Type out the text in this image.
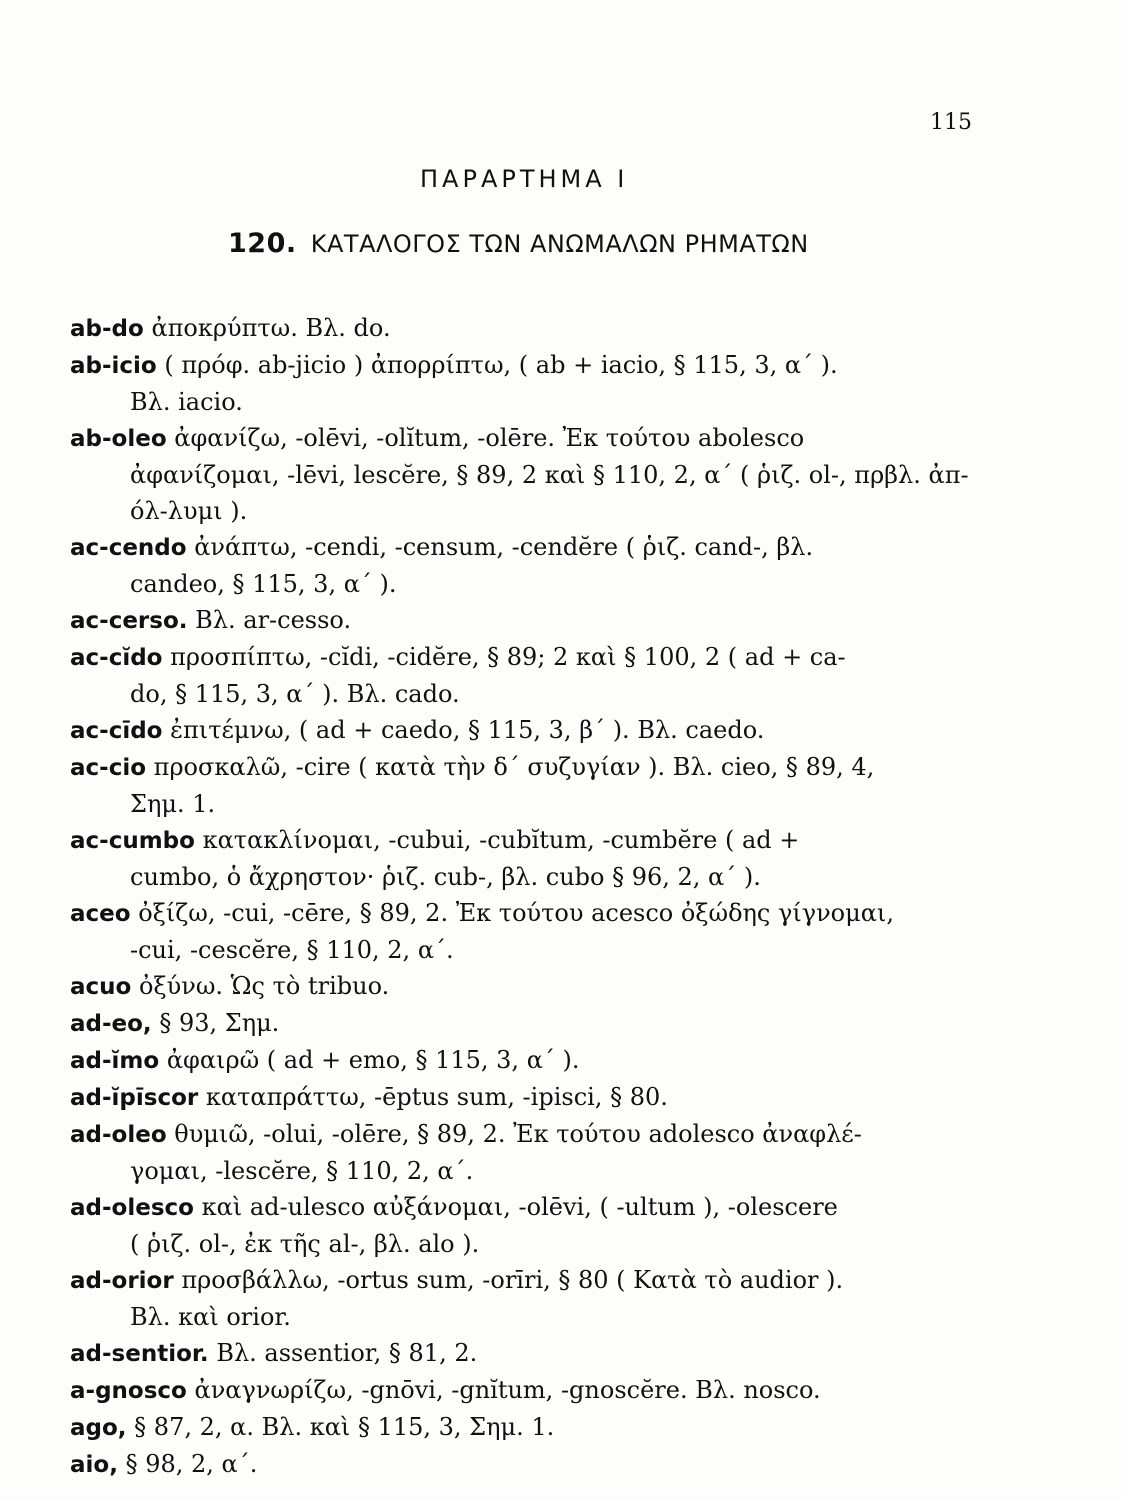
115
ΠΑΡΑΡΤΗΜΑ Ι
120. ΚΑΤΑΛΟΓΟΣ ΤΩΝ ΑΝΩΜΑΛΩΝ ΡΗΜΑΤΩΝ
ab-do ἀποκρύπτω. Βλ. do.
ab-icio ( πρόφ. ab-jicio ) ἀπορρίπτω, ( ab + iacio, § 115, 3, α΄ ).
Βλ. iacio.
ab-oleo ἀφανίζω, -olēvi, -olĭtum, -olēre. Ἐκ τούτου abolesco
ἀφανίζομαι, -lēvi, lescĕre, § 89, 2 καὶ § 110, 2, α΄ ( ῥιζ. ol-, πρβλ. ἀπ-όλ-λυμι ).
ac-cendo ἀνάπτω, -cendi, -censum, -cendĕre ( ῥιζ. cand-, βλ.
candeo, § 115, 3, α΄ ).
ac-cerso. Βλ. ar-cesso.
ac-cĭdo προσπίπτω, -cĭdi, -cidĕre, § 89; 2 καὶ § 100, 2 ( ad + ca-
do, § 115, 3, α΄ ). Βλ. cado.
ac-cīdo ἐπιτέμνω, ( ad + caedo, § 115, 3, β΄ ). Βλ. caedo.
ac-cio προσκαλῶ, -cire ( κατὰ τὴν δ΄ συζυγίαν ). Βλ. cieo, § 89, 4,
Σημ. 1.
ac-cumbo κατακλίνομαι, -cubui, -cubĭtum, -cumbĕre ( ad +
cumbo, ὁ ἄχρηστον· ῥιζ. cub-, βλ. cubo § 96, 2, α΄ ).
aceo ὀξίζω, -cui, -cēre, § 89, 2. Ἐκ τούτου acesco ὀξώδης γίγνομαι,
-cui, -cescĕre, § 110, 2, α΄.
acuo ὀξύνω. Ὡς τὸ tribuo.
ad-eo, § 93, Σημ.
ad-ĭmo ἀφαιρῶ ( ad + emo, § 115, 3, α΄ ).
ad-ĭpīscor καταπράττω, -ēptus sum, -ipisci, § 80.
ad-oleo θυμιῶ, -olui, -olēre, § 89, 2. Ἐκ τούτου adolesco ἀναφλέ-
γομαι, -lescĕre, § 110, 2, α΄.
ad-olesco καὶ ad-ulesco αὐξάνομαι, -olēvi, ( -ultum ), -olescere
( ῥιζ. ol-, ἐκ τῆς al-, βλ. alo ).
ad-orior προσβάλλω, -ortus sum, -orīri, § 80 ( Κατὰ τὸ audior ).
Βλ. καὶ orior.
ad-sentior. Βλ. assentior, § 81, 2.
a-gnosco ἀναγνωρίζω, -gnōvi, -gnĭtum, -gnoscĕre. Βλ. nosco.
ago, § 87, 2, α. Βλ. καὶ § 115, 3, Σημ. 1.
aio, § 98, 2, α΄.
